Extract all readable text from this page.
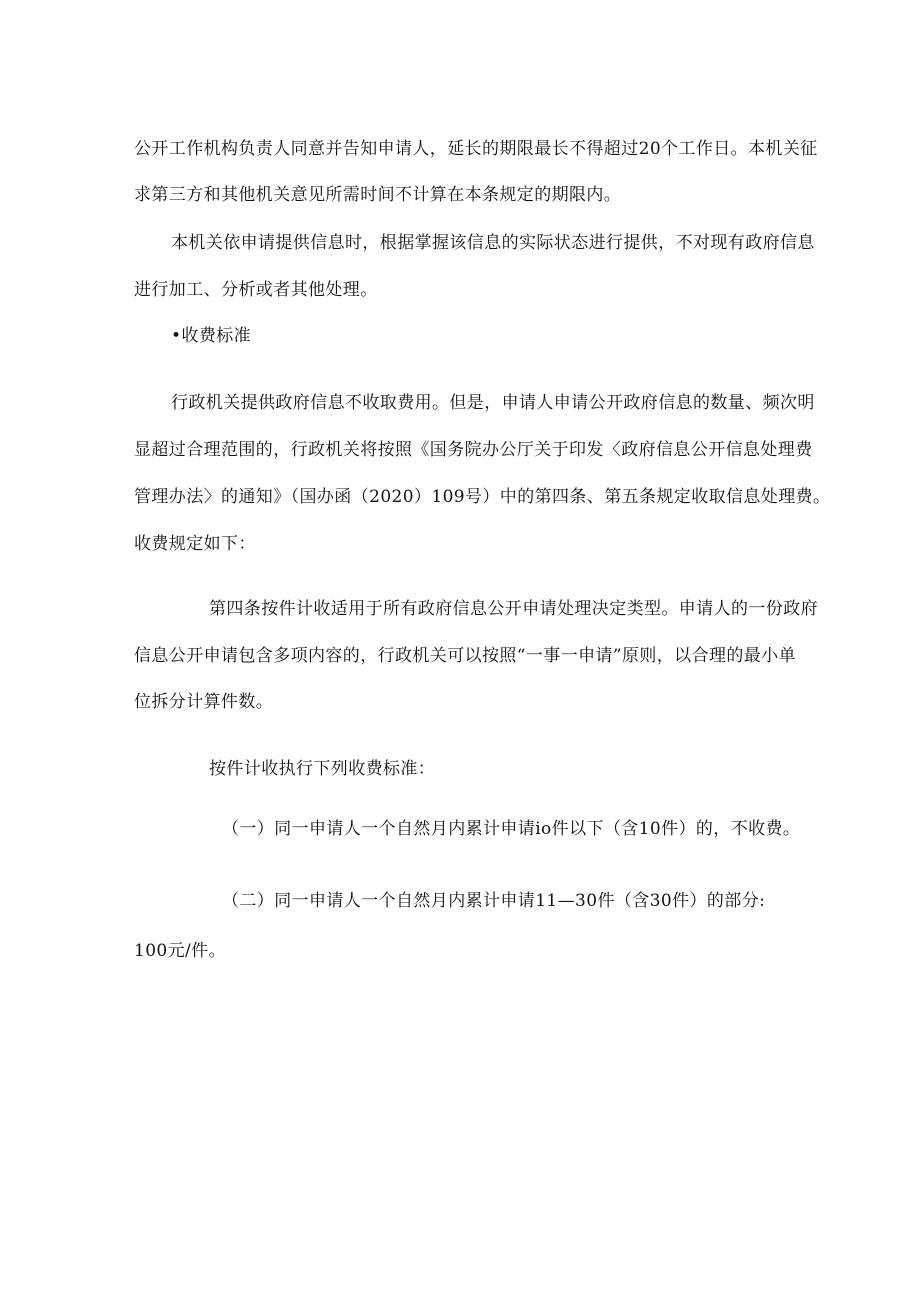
公开工作机构负责人同意并告知申请人，延长的期限最长不得超过20个工作日。本机关征
求第三方和其他机关意见所需时间不计算在本条规定的期限内。
本机关依申请提供信息时，根据掌握该信息的实际状态进行提供，不对现有政府信息
进行加工、分析或者其他处理。
•收费标准
行政机关提供政府信息不收取费用。但是，申请人申请公开政府信息的数量、频次明
显超过合理范围的，行政机关将按照《国务院办公厅关于印发〈政府信息公开信息处理费
管理办法〉的通知》（国办函（2020）109号）中的第四条、第五条规定收取信息处理费。
收费规定如下：
第四条按件计收适用于所有政府信息公开申请处理决定类型。申请人的一份政府
信息公开申请包含多项内容的，行政机关可以按照“一事一申请”原则，以合理的最小单
位拆分计算件数。
按件计收执行下列收费标准：
（一）同一申请人一个自然月内累计申请io件以下（含10件）的，不收费。
（二）同一申请人一个自然月内累计申请11—30件（含30件）的部分:
100元/件。
